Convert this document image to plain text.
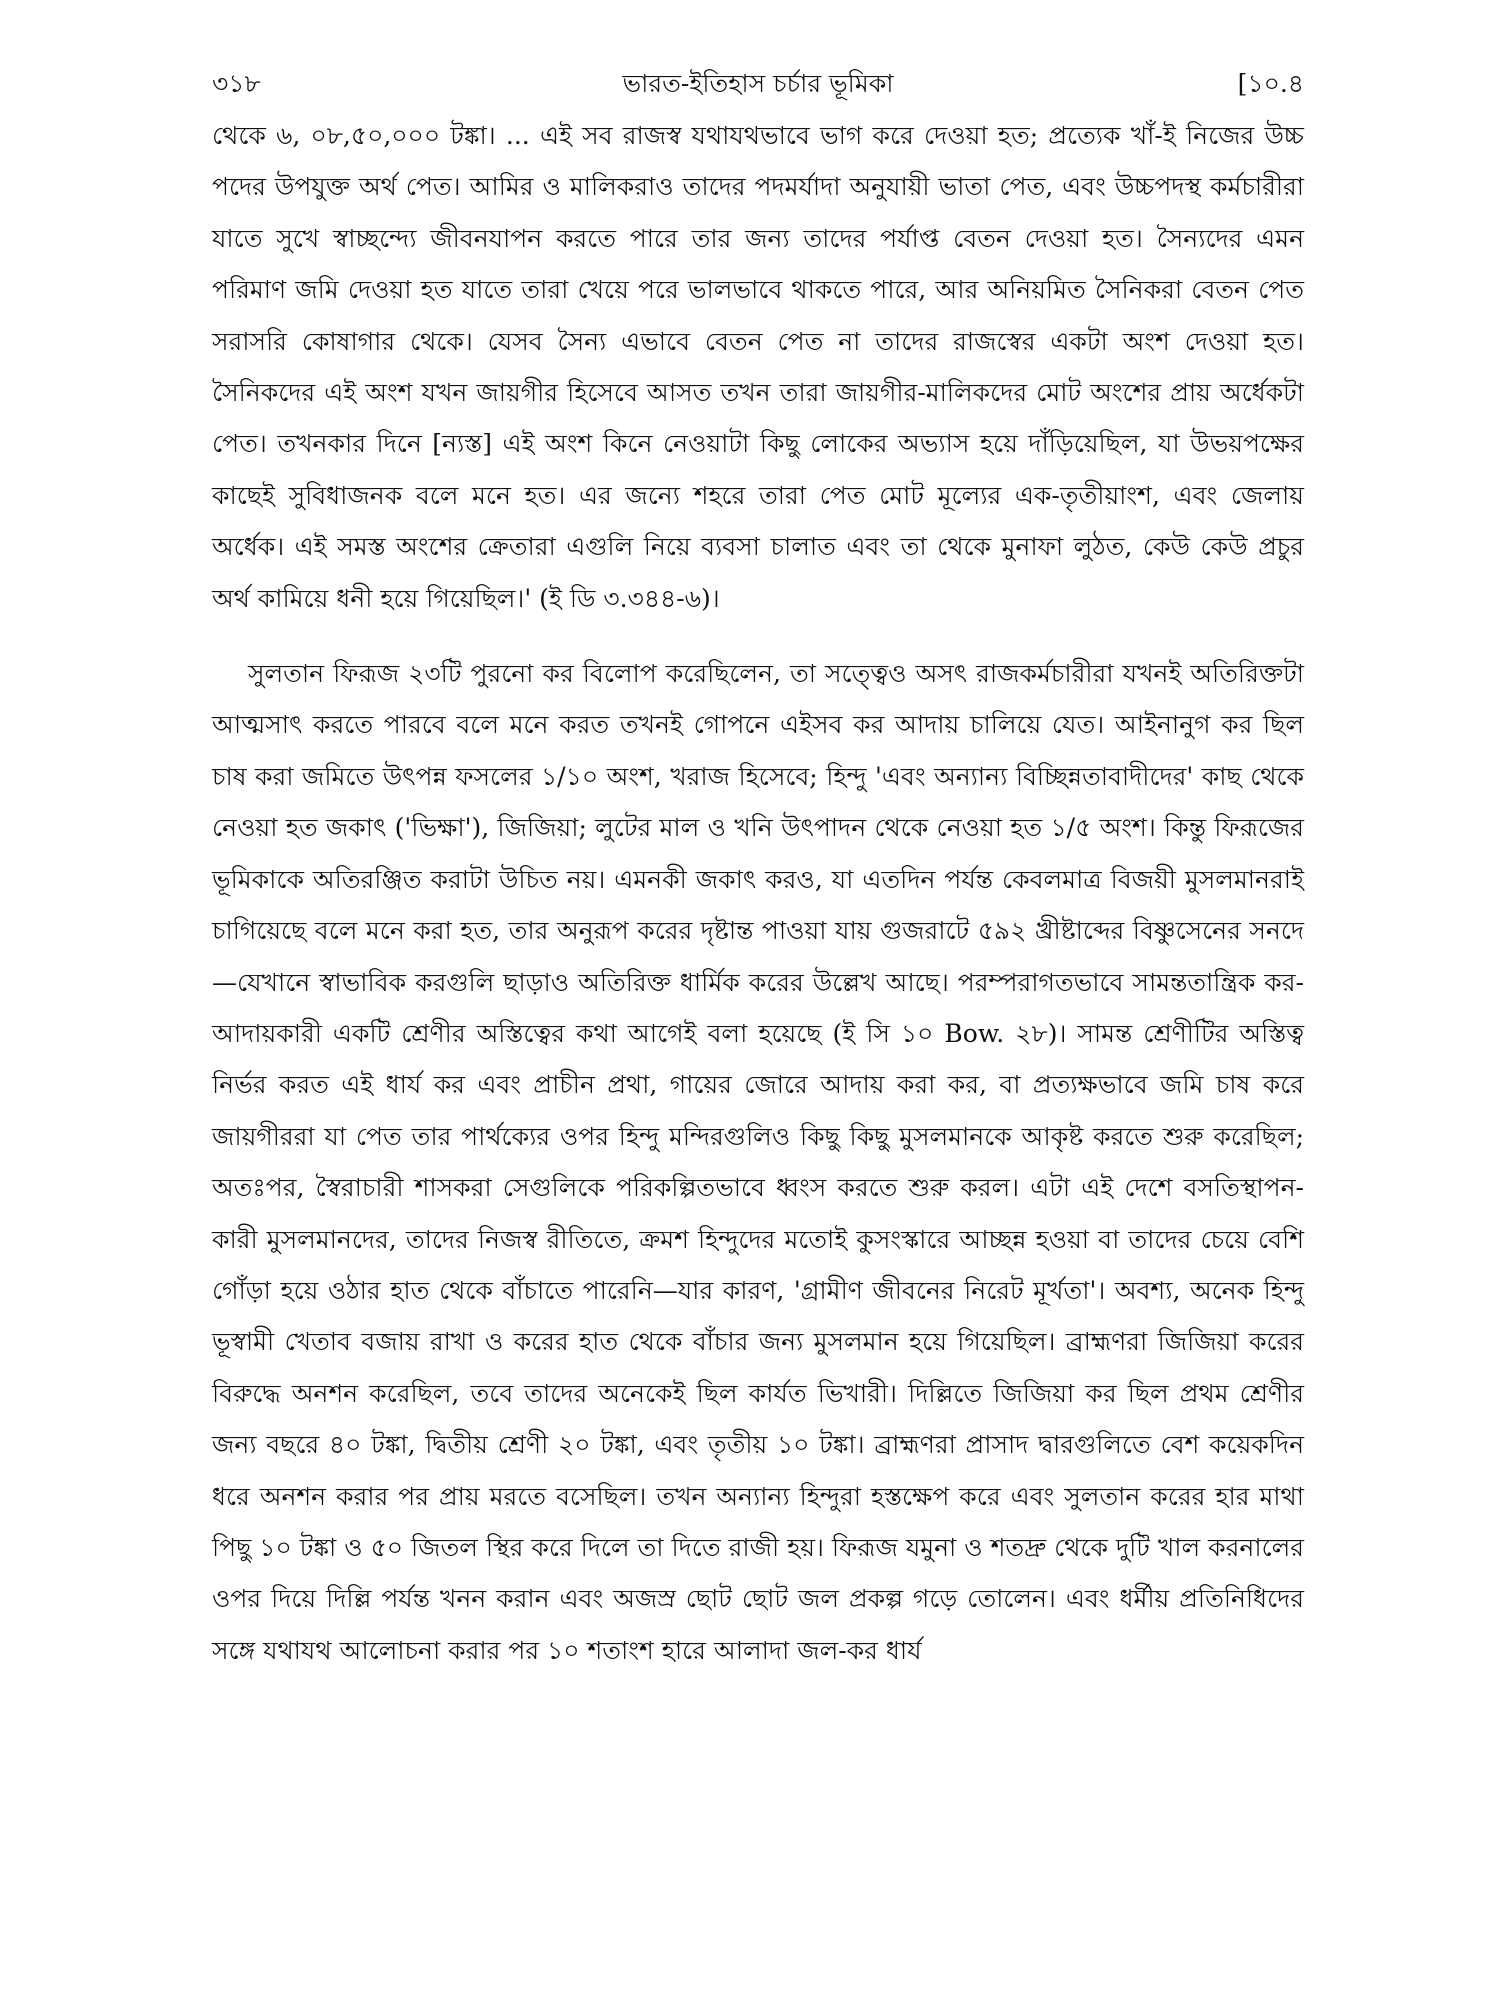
৩১৮	ভারত-ইতিহাস চর্চার ভূমিকা	[১০.৪

থেকে ৬, ০৮,৫০,০০০ টঙ্কা। ... এই সব রাজস্ব যথাযথভাবে ভাগ করে দেওয়া হত; প্রত্যেক খাঁ-ই নিজের উচ্চ পদের উপযুক্ত অর্থ পেত। আমির ও মালিকরাও তাদের পদমর্যাদা অনুযায়ী ভাতা পেত, এবং উচ্চপদস্থ কর্মচারীরা যাতে সুখে স্বাচ্ছন্দ্যে জীবনযাপন করতে পারে তার জন্য তাদের পর্যাপ্ত বেতন দেওয়া হত। সৈন্যদের এমন পরিমাণ জমি দেওয়া হত যাতে তারা খেয়ে পরে ভালভাবে থাকতে পারে, আর অনিয়মিত সৈনিকরা বেতন পেত সরাসরি কোষাগার থেকে। যেসব সৈন্য এভাবে বেতন পেত না তাদের রাজস্বের একটা অংশ দেওয়া হত। সৈনিকদের এই অংশ যখন জায়গীর হিসেবে আসত তখন তারা জায়গীর-মালিকদের মোট অংশের প্রায় অর্ধেকটা পেত। তখনকার দিনে [ন্যস্ত] এই অংশ কিনে নেওয়াটা কিছু লোকের অভ্যাস হয়ে দাঁড়িয়েছিল, যা উভয়পক্ষের কাছেই সুবিধাজনক বলে মনে হত। এর জন্যে শহরে তারা পেত মোট মূল্যের এক-তৃতীয়াংশ, এবং জেলায় অর্ধেক। এই সমস্ত অংশের ক্রেতারা এগুলি নিয়ে ব্যবসা চালাত এবং তা থেকে মুনাফা লুঠত, কেউ কেউ প্রচুর অর্থ কামিয়ে ধনী হয়ে গিয়েছিল।' (ই ডি ৩.৩৪৪-৬)।

সুলতান ফিরূজ ২৩টি পুরনো কর বিলোপ করেছিলেন, তা সত্ত্বেও অসৎ রাজকর্মচারীরা যখনই অতিরিক্তটা আত্মসাৎ করতে পারবে বলে মনে করত তখনই গোপনে এইসব কর আদায় চালিয়ে যেত। আইনানুগ কর ছিল চাষ করা জমিতে উৎপন্ন ফসলের ১/১০ অংশ, খরাজ হিসেবে; হিন্দু 'এবং অন্যান্য বিচ্ছিন্নতাবাদীদের' কাছ থেকে নেওয়া হত জকাৎ ('ভিক্ষা'), জিজিয়া; লুটের মাল ও খনি উৎপাদন থেকে নেওয়া হত ১/৫ অংশ। কিন্তু ফিরূজের ভূমিকাকে অতিরঞ্জিত করাটা উচিত নয়। এমনকী জকাৎ করও, যা এতদিন পর্যন্ত কেবলমাত্র বিজয়ী মুসলমানরাই চাগিয়েছে বলে মনে করা হত, তার অনুরূপ করের দৃষ্টান্ত পাওয়া যায় গুজরাটে ৫৯২ খ্রীষ্টাব্দের বিষ্ণুসেনের সনদে—যেখানে স্বাভাবিক করগুলি ছাড়াও অতিরিক্ত ধার্মিক করের উল্লেখ আছে। পরম্পরাগতভাবে সামন্ততান্ত্রিক কর-আদায়কারী একটি শ্রেণীর অস্তিত্বের কথা আগেই বলা হয়েছে (ই সি ১০ Bow. ২৮)। সামন্ত শ্রেণীটির অস্তিত্ব নির্ভর করত এই ধার্য কর এবং প্রাচীন প্রথা, গায়ের জোরে আদায় করা কর, বা প্রত্যক্ষভাবে জমি চাষ করে জায়গীররা যা পেত তার পার্থক্যের ওপর হিন্দু মন্দিরগুলিও কিছু কিছু মুসলমানকে আকৃষ্ট করতে শুরু করেছিল; অতঃপর, স্বৈরাচারী শাসকরা সেগুলিকে পরিকল্পিতভাবে ধ্বংস করতে শুরু করল। এটা এই দেশে বসতিস্থাপন-কারী মুসলমানদের, তাদের নিজস্ব রীতিতে, ক্রমশ হিন্দুদের মতোই কুসংস্কারে আচ্ছন্ন হওয়া বা তাদের চেয়ে বেশি গোঁড়া হয়ে ওঠার হাত থেকে বাঁচাতে পারেনি—যার কারণ, 'গ্রামীণ জীবনের নিরেট মূর্খতা'। অবশ্য, অনেক হিন্দু ভূস্বামী খেতাব বজায় রাখা ও করের হাত থেকে বাঁচার জন্য মুসলমান হয়ে গিয়েছিল। ব্রাহ্মণরা জিজিয়া করের বিরুদ্ধে অনশন করেছিল, তবে তাদের অনেকেই ছিল কার্যত ভিখারী। দিল্লিতে জিজিয়া কর ছিল প্রথম শ্রেণীর জন্য বছরে ৪০ টঙ্কা, দ্বিতীয় শ্রেণী ২০ টঙ্কা, এবং তৃতীয় ১০ টঙ্কা। ব্রাহ্মণরা প্রাসাদ দ্বারগুলিতে বেশ কয়েকদিন ধরে অনশন করার পর প্রায় মরতে বসেছিল। তখন অন্যান্য হিন্দুরা হস্তক্ষেপ করে এবং সুলতান করের হার মাথা পিছু ১০ টঙ্কা ও ৫০ জিতল স্থির করে দিলে তা দিতে রাজী হয়। ফিরূজ যমুনা ও শতদ্রু থেকে দুটি খাল করনালের ওপর দিয়ে দিল্লি পর্যন্ত খনন করান এবং অজস্র ছোট ছোট জল প্রকল্প গড়ে তোলেন। এবং ধর্মীয় প্রতিনিধিদের সঙ্গে যথাযথ আলোচনা করার পর ১০ শতাংশ হারে আলাদা জল-কর ধার্য
